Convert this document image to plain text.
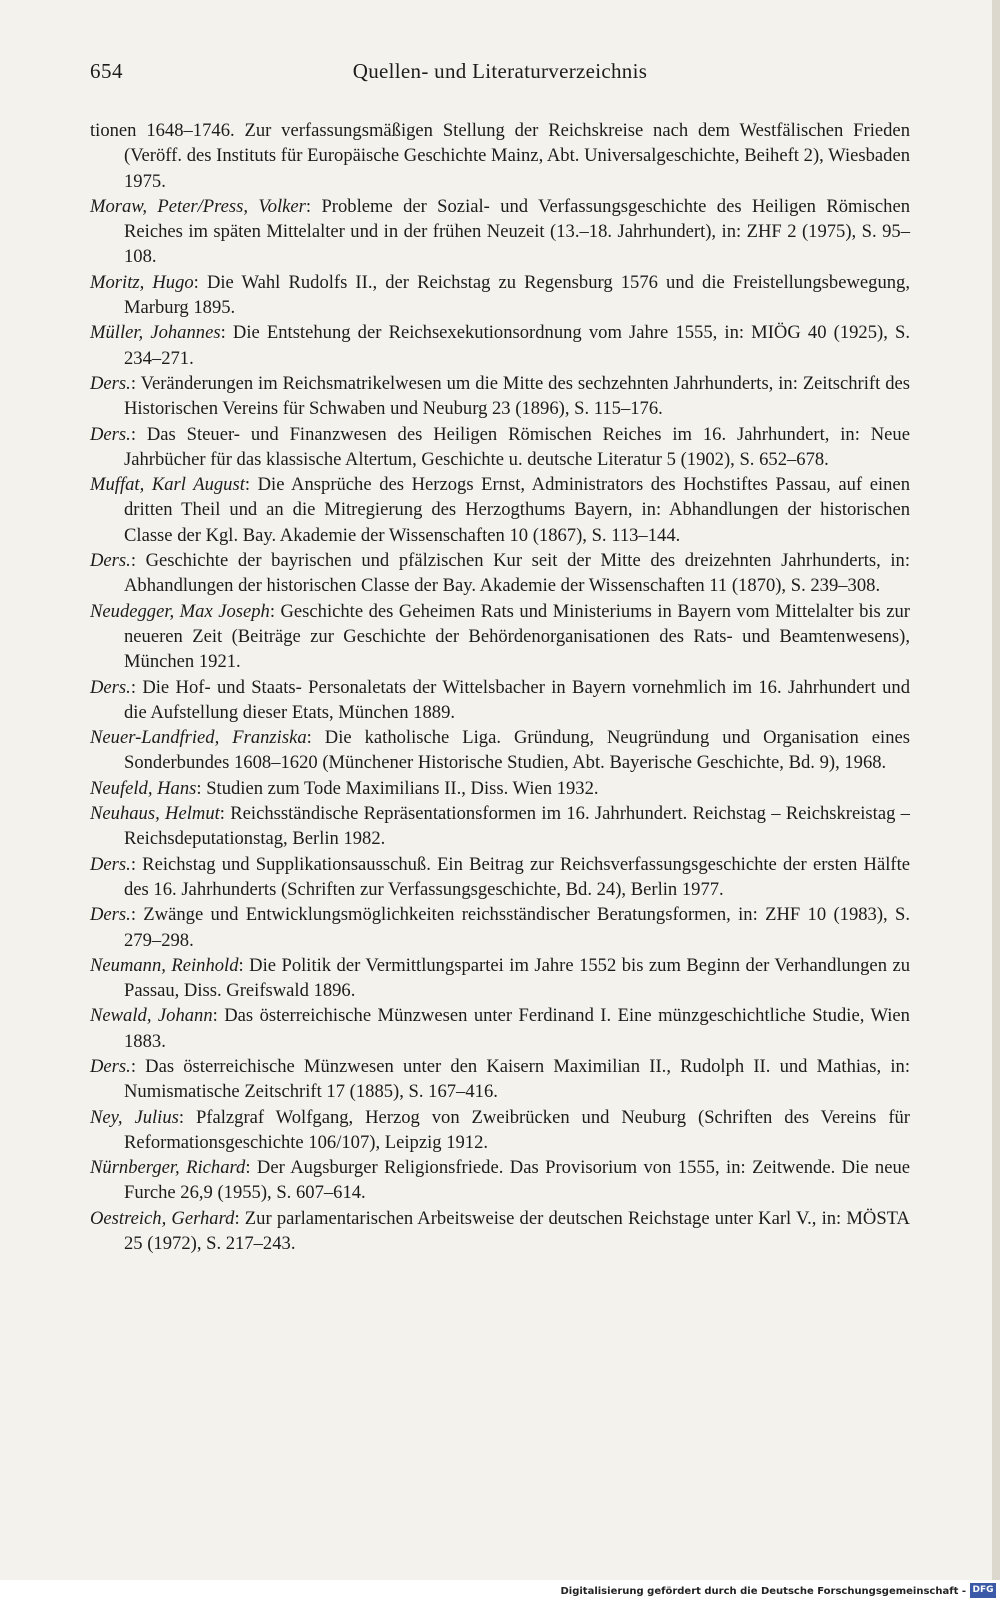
654	Quellen- und Literaturverzeichnis

tionen 1648–1746. Zur verfassungsmäßigen Stellung der Reichskreise nach dem Westfälischen Frieden (Veröff. des Instituts für Europäische Geschichte Mainz, Abt. Universalgeschichte, Beiheft 2), Wiesbaden 1975.

Moraw, Peter/Press, Volker: Probleme der Sozial- und Verfassungsgeschichte des Heiligen Römischen Reiches im späten Mittelalter und in der frühen Neuzeit (13.–18. Jahrhundert), in: ZHF 2 (1975), S. 95–108.

Moritz, Hugo: Die Wahl Rudolfs II., der Reichstag zu Regensburg 1576 und die Freistellungsbewegung, Marburg 1895.

Müller, Johannes: Die Entstehung der Reichsexekutionsordnung vom Jahre 1555, in: MIÖG 40 (1925), S. 234–271.

Ders.: Veränderungen im Reichsmatrikelwesen um die Mitte des sechzehnten Jahrhunderts, in: Zeitschrift des Historischen Vereins für Schwaben und Neuburg 23 (1896), S. 115–176.

Ders.: Das Steuer- und Finanzwesen des Heiligen Römischen Reiches im 16. Jahrhundert, in: Neue Jahrbücher für das klassische Altertum, Geschichte u. deutsche Literatur 5 (1902), S. 652–678.

Muffat, Karl August: Die Ansprüche des Herzogs Ernst, Administrators des Hochstiftes Passau, auf einen dritten Theil und an die Mitregierung des Herzogthums Bayern, in: Abhandlungen der historischen Classe der Kgl. Bay. Akademie der Wissenschaften 10 (1867), S. 113–144.

Ders.: Geschichte der bayrischen und pfälzischen Kur seit der Mitte des dreizehnten Jahrhunderts, in: Abhandlungen der historischen Classe der Bay. Akademie der Wissenschaften 11 (1870), S. 239–308.

Neudegger, Max Joseph: Geschichte des Geheimen Rats und Ministeriums in Bayern vom Mittelalter bis zur neueren Zeit (Beiträge zur Geschichte der Behördenorganisationen des Rats- und Beamtenwesens), München 1921.

Ders.: Die Hof- und Staats- Personaletats der Wittelsbacher in Bayern vornehmlich im 16. Jahrhundert und die Aufstellung dieser Etats, München 1889.

Neuer-Landfried, Franziska: Die katholische Liga. Gründung, Neugründung und Organisation eines Sonderbundes 1608–1620 (Münchener Historische Studien, Abt. Bayerische Geschichte, Bd. 9), 1968.

Neufeld, Hans: Studien zum Tode Maximilians II., Diss. Wien 1932.

Neuhaus, Helmut: Reichsständische Repräsentationsformen im 16. Jahrhundert. Reichstag – Reichskreistag – Reichsdeputationstag, Berlin 1982.

Ders.: Reichstag und Supplikationsausschuß. Ein Beitrag zur Reichsverfassungsgeschichte der ersten Hälfte des 16. Jahrhunderts (Schriften zur Verfassungsgeschichte, Bd. 24), Berlin 1977.

Ders.: Zwänge und Entwicklungsmöglichkeiten reichsständischer Beratungsformen, in: ZHF 10 (1983), S. 279–298.

Neumann, Reinhold: Die Politik der Vermittlungspartei im Jahre 1552 bis zum Beginn der Verhandlungen zu Passau, Diss. Greifswald 1896.

Newald, Johann: Das österreichische Münzwesen unter Ferdinand I. Eine münzgeschichtliche Studie, Wien 1883.

Ders.: Das österreichische Münzwesen unter den Kaisern Maximilian II., Rudolph II. und Mathias, in: Numismatische Zeitschrift 17 (1885), S. 167–416.

Ney, Julius: Pfalzgraf Wolfgang, Herzog von Zweibrücken und Neuburg (Schriften des Vereins für Reformationsgeschichte 106/107), Leipzig 1912.

Nürnberger, Richard: Der Augsburger Religionsfriede. Das Provisorium von 1555, in: Zeitwende. Die neue Furche 26,9 (1955), S. 607–614.

Oestreich, Gerhard: Zur parlamentarischen Arbeitsweise der deutschen Reichstage unter Karl V., in: MÖSTA 25 (1972), S. 217–243.

Digitalisierung gefördert durch die Deutsche Forschungsgemeinschaft - DFG
